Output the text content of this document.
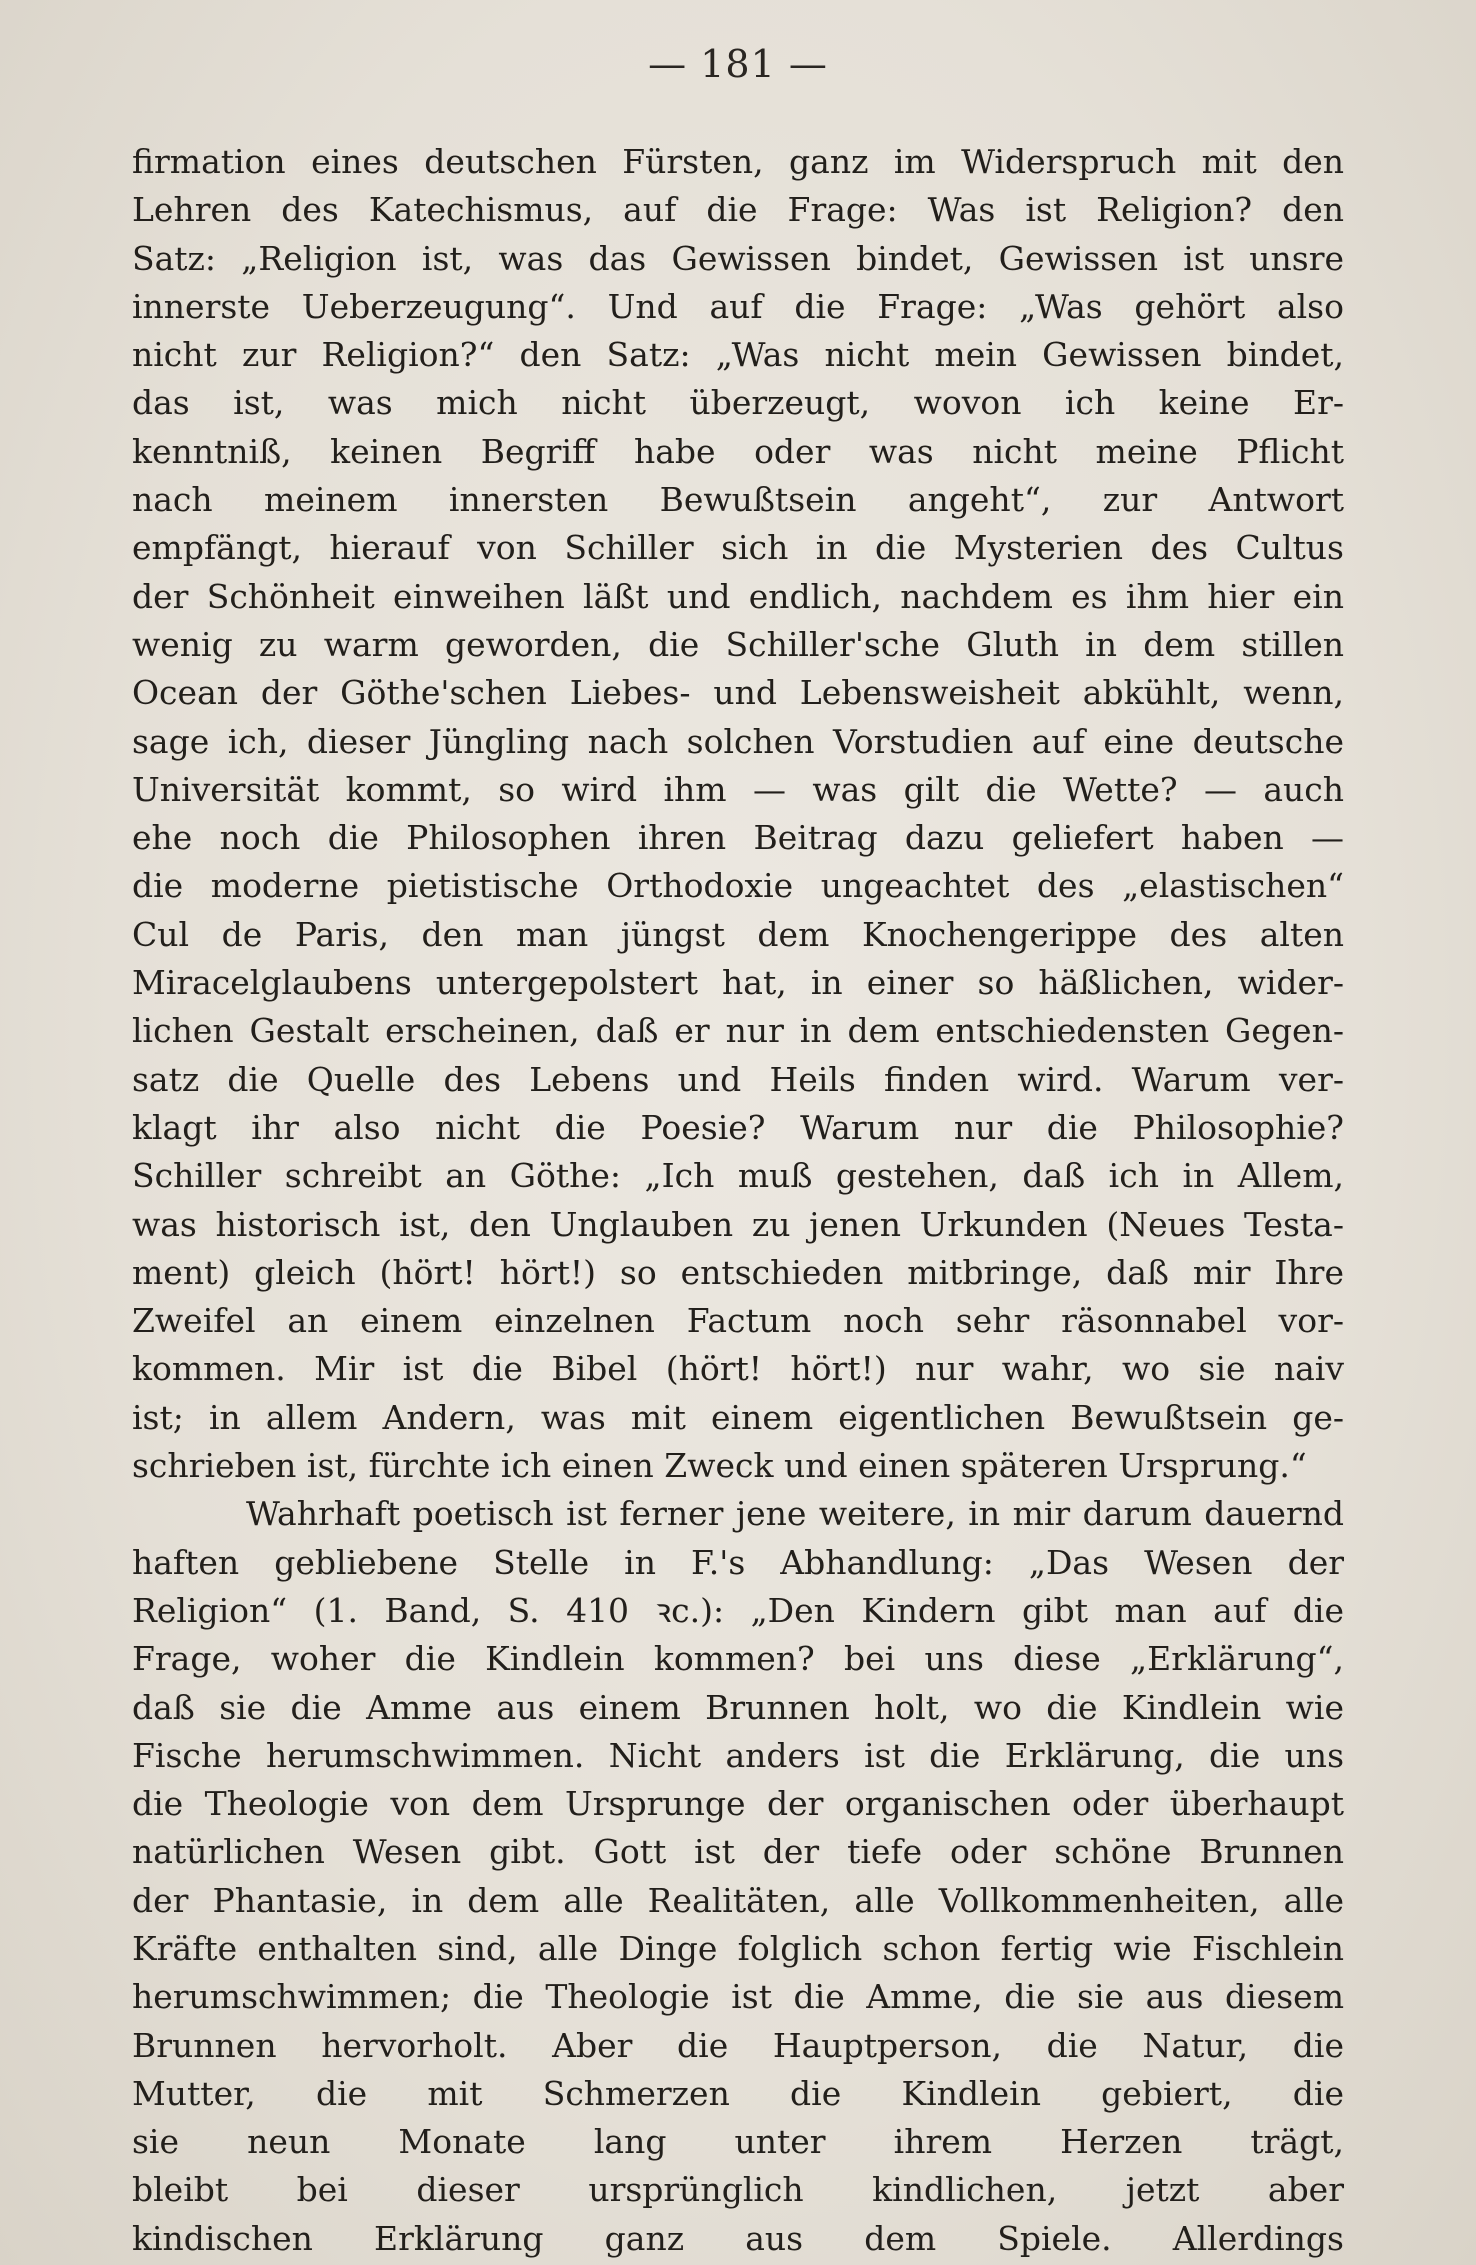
— 181 —
firmation eines deutschen Fürsten, ganz im Widerspruch mit den
Lehren des Katechismus, auf die Frage: Was ist Religion? den
Satz: „Religion ist, was das Gewissen bindet, Gewissen ist unsre
innerste Ueberzeugung“. Und auf die Frage: „Was gehört also
nicht zur Religion?“ den Satz: „Was nicht mein Gewissen bindet,
das ist, was mich nicht überzeugt, wovon ich keine Er-
kenntniß, keinen Begriff habe oder was nicht meine Pflicht
nach meinem innersten Bewußtsein angeht“, zur Antwort
empfängt, hierauf von Schiller sich in die Mysterien des Cultus
der Schönheit einweihen läßt und endlich, nachdem es ihm hier ein
wenig zu warm geworden, die Schiller'sche Gluth in dem stillen
Ocean der Göthe'schen Liebes- und Lebensweisheit abkühlt, wenn,
sage ich, dieser Jüngling nach solchen Vorstudien auf eine deutsche
Universität kommt, so wird ihm — was gilt die Wette? — auch
ehe noch die Philosophen ihren Beitrag dazu geliefert haben —
die moderne pietistische Orthodoxie ungeachtet des „elastischen“
Cul de Paris, den man jüngst dem Knochengerippe des alten
Miracelglaubens untergepolstert hat, in einer so häßlichen, wider-
lichen Gestalt erscheinen, daß er nur in dem entschiedensten Gegen-
satz die Quelle des Lebens und Heils finden wird. Warum ver-
klagt ihr also nicht die Poesie? Warum nur die Philosophie?
Schiller schreibt an Göthe: „Ich muß gestehen, daß ich in Allem,
was historisch ist, den Unglauben zu jenen Urkunden (Neues Testa-
ment) gleich (hört! hört!) so entschieden mitbringe, daß mir Ihre
Zweifel an einem einzelnen Factum noch sehr räsonnabel vor-
kommen. Mir ist die Bibel (hört! hört!) nur wahr, wo sie naiv
ist; in allem Andern, was mit einem eigentlichen Bewußtsein ge-
schrieben ist, fürchte ich einen Zweck und einen späteren Ursprung.“
Wahrhaft poetisch ist ferner jene weitere, in mir darum dauernd
haften gebliebene Stelle in F.'s Abhandlung: „Das Wesen der
Religion“ (1. Band, S. 410 ꝛc.): „Den Kindern gibt man auf die
Frage, woher die Kindlein kommen? bei uns diese „Erklärung“,
daß sie die Amme aus einem Brunnen holt, wo die Kindlein wie
Fische herumschwimmen. Nicht anders ist die Erklärung, die uns
die Theologie von dem Ursprunge der organischen oder überhaupt
natürlichen Wesen gibt. Gott ist der tiefe oder schöne Brunnen
der Phantasie, in dem alle Realitäten, alle Vollkommenheiten, alle
Kräfte enthalten sind, alle Dinge folglich schon fertig wie Fischlein
herumschwimmen; die Theologie ist die Amme, die sie aus diesem
Brunnen hervorholt. Aber die Hauptperson, die Natur, die
Mutter, die mit Schmerzen die Kindlein gebiert, die
sie neun Monate lang unter ihrem Herzen trägt,
bleibt bei dieser ursprünglich kindlichen, jetzt aber
kindischen Erklärung ganz aus dem Spiele. Allerdings
